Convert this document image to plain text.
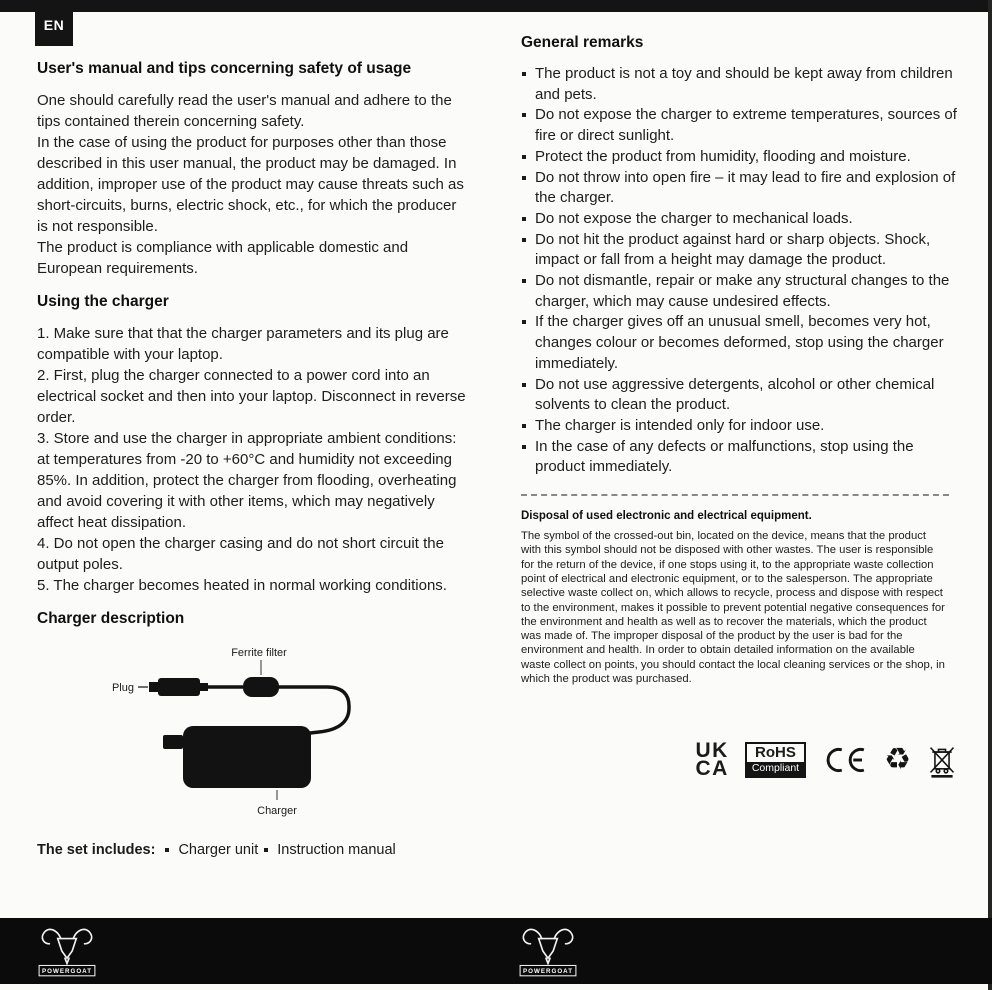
EN
User's manual and tips concerning safety of usage

One should carefully read the user's manual and adhere to the tips contained therein concerning safety.

In the case of using the product for purposes other than those described in this user manual, the product may be damaged. In addition, improper use of the product may cause threats such as short-circuits, burns, electric shock, etc., for which the producer is not responsible.

The product is compliance with applicable domestic and European requirements.

Using the charger

1. Make sure that that the charger parameters and its plug are compatible with your laptop.

2. First, plug the charger connected to a power cord into an electrical socket and then into your laptop. Disconnect in reverse order.

3. Store and use the charger in appropriate ambient conditions: at temperatures from -20 to +60°C and humidity not exceeding 85%. In addition, protect the charger from flooding, overheating and avoid covering it with other items, which may negatively affect heat dissipation.

4. Do not open the charger casing and do not short circuit the output poles.

5. The charger becomes heated in normal working conditions.

Charger description
Ferrite filter
Plug
Charger
The set includes: Charger unit Instruction manual
General remarks
The product is not a toy and should be kept away from children and pets.
Do not expose the charger to extreme temperatures, sources of fire or direct sunlight.
Protect the product from humidity, flooding and moisture.
Do not throw into open fire – it may lead to fire and explosion of the charger.
Do not expose the charger to mechanical loads.
Do not hit the product against hard or sharp objects. Shock, impact or fall from a height may damage the product.
Do not dismantle, repair or make any structural changes to the charger, which may cause undesired effects.
If the charger gives off an unusual smell, becomes very hot, changes colour or becomes deformed, stop using the charger immediately.
Do not use aggressive detergents, alcohol or other chemical solvents to clean the product.
The charger is intended only for indoor use.
In the case of any defects or malfunctions, stop using the product immediately.
Disposal of used electronic and electrical equipment.
The symbol of the crossed-out bin, located on the device, means that the product with this symbol should not be disposed with other wastes. The user is responsible for the return of the device, if one stops using it, to the appropriate waste collection point of electrical and electronic equipment, or to the salesperson. The appropriate selective waste collect on, which allows to recycle, process and dispose with respect to the environment, makes it possible to prevent potential negative consequences for the environment and health as well as to recover the materials, which the product was made of. The improper disposal of the product by the user is bad for the environment and health. In order to obtain detailed information on the available waste collect on points, you should contact the local cleaning services or the shop, in which the product was purchased.
UK
CA
RoHS
Compliant	♻
POWERGOAT	POWERGOAT
